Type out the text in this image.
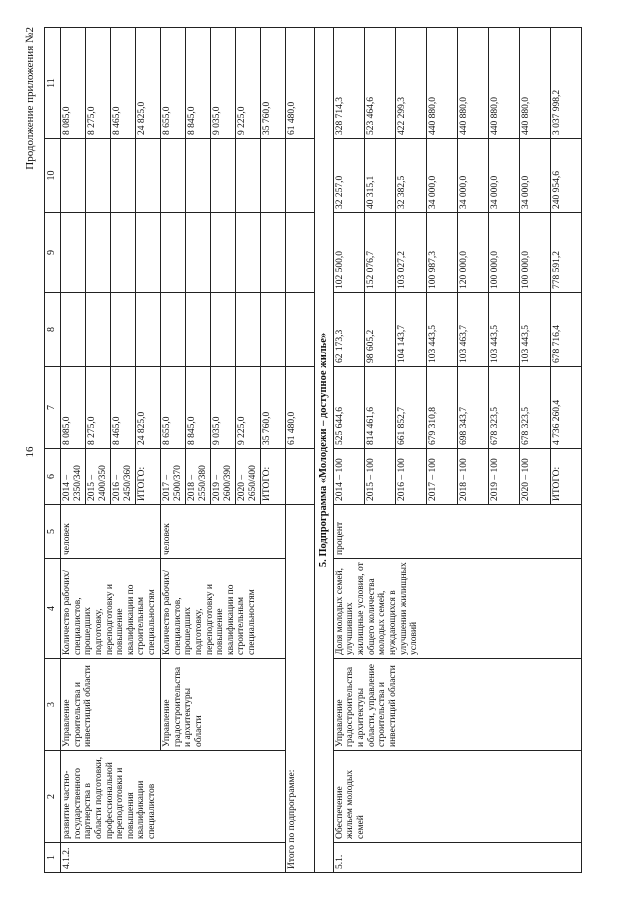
16
Продолжение приложения №2
1	2	3	4	5	6	7	8	9	10	11
4.1.2.	развитие частно-государственного партнерства в области подготовки, профессиональной переподготовки и повышения квалификации специалистов	Управление строительства и инвестиций области	Количество рабочих/ специалистов, прошедших подготовку, переподготовку и повышение квалификации по строительным специальностям	человек	2014 – 2350/340	8 085,0				8 085,0
					2015 – 2400/350	8 275,0				8 275,0
					2016 – 2450/360	8 465,0				8 465,0
					ИТОГО:	24 825,0				24 825,0
		Управление градостроительства и архитектуры области	Количество рабочих/ специалистов, прошедших подготовку, переподготовку и повышение квалификации по строительным специальностям	человек	2017 – 2500/370	8 655,0				8 655,0
					2018 – 2550/380	8 845,0				8 845,0
					2019 – 2600/390	9 035,0				9 035,0
					2020 – 2650/400	9 225,0				9 225,0
					ИТОГО:	35 760,0				35 760,0
Итого по подпрограмме:						61 480,0				61 480,0
5. Подпрограмма «Молодежи – доступное жилье»										
5.1.	Обеспечение жильем молодых семей	Управление градостроительства и архитектуры области, управление строительства и инвестиций области	Доля молодых семей, улучшивших жилищные условия, от общего количества молодых семей, нуждающихся в улучшении жилищных условий	процент	2014 – 100	525 644,6	62 173,3	102 500,0	32 257,0	328 714,3
					2015 – 100	814 461,6	98 605,2	152 076,7	40 315,1	523 464,6
					2016 – 100	661 852,7	104 143,7	103 027,2	32 382,5	422 299,3
					2017 – 100	679 310,8	103 443,5	100 987,3	34 000,0	440 880,0
					2018 – 100	698 343,7	103 463,7	120 000,0	34 000,0	440 880,0
					2019 – 100	678 323,5	103 443,5	100 000,0	34 000,0	440 880,0
					2020 – 100	678 323,5	103 443,5	100 000,0	34 000,0	440 880,0
					ИТОГО:	4 736 260,4	678 716,4	778 591,2	240 954,6	3 037 998,2
